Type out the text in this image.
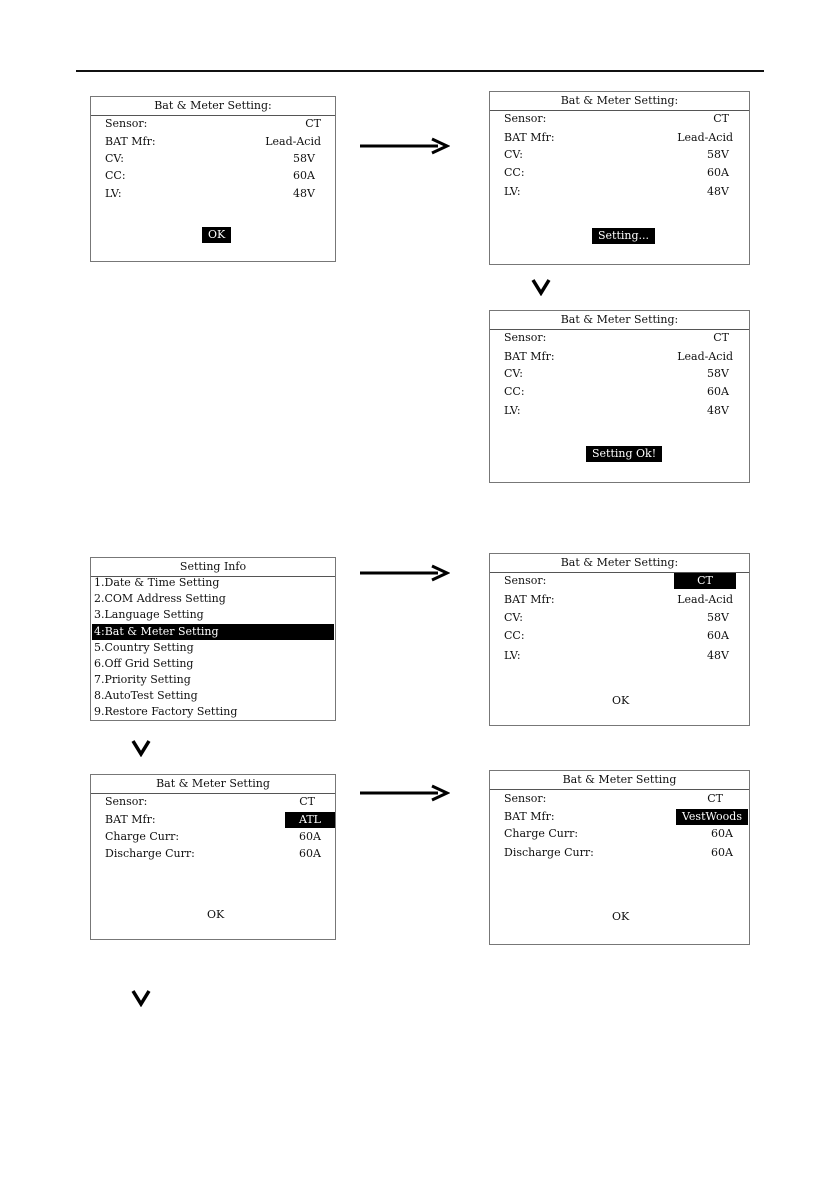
Bat & Meter Setting:
Sensor:	CT
BAT Mfr:	Lead-Acid
CV:	58V
CC:	60A
LV:	48V
OK
Bat & Meter Setting:
Sensor:	CT
BAT Mfr:	Lead-Acid
CV:	58V
CC:	60A
LV:	48V
Setting...
Bat & Meter Setting:
Sensor:	CT
BAT Mfr:	Lead-Acid
CV:	58V
CC:	60A
LV:	48V
Setting Ok!
Setting Info
1.Date & Time Setting
2.COM Address Setting
3.Language Setting
4:Bat & Meter Setting
5.Country Setting
6.Off Grid Setting
7.Priority Setting
8.AutoTest Setting
9.Restore Factory Setting
Bat & Meter Setting:
Sensor:	CT
BAT Mfr:	Lead-Acid
CV:	58V
CC:	60A
LV:	48V
OK
Bat & Meter Setting
Sensor:	CT
BAT Mfr:	ATL
Charge Curr:	60A
Discharge Curr:	60A
OK
Bat & Meter Setting
Sensor:	CT
BAT Mfr:	VestWoods
Charge Curr:	60A
Discharge Curr:	60A
OK
